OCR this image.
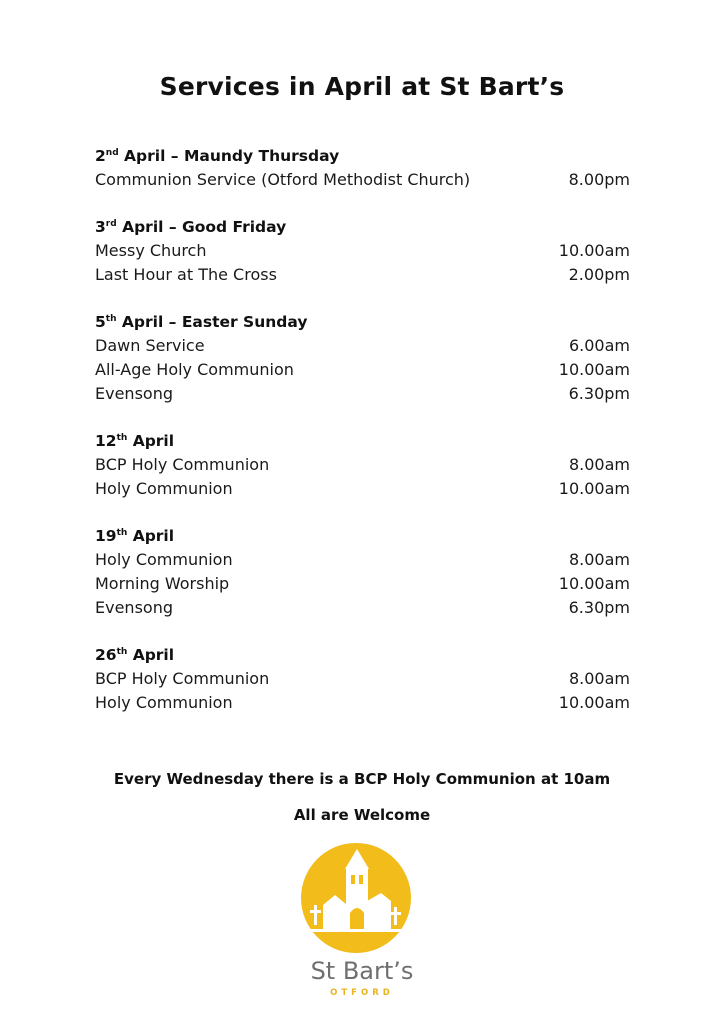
Services in April at St Bart’s
2nd April – Maundy Thursday
Communion Service (Otford Methodist Church)	8.00pm
3rd April – Good Friday
Messy Church	10.00am
Last Hour at The Cross	2.00pm
5th April – Easter Sunday
Dawn Service	6.00am
All-Age Holy Communion	10.00am
Evensong	6.30pm
12th April
BCP Holy Communion	8.00am
Holy Communion	10.00am
19th April
Holy Communion	8.00am
Morning Worship	10.00am
Evensong	6.30pm
26th April
BCP Holy Communion	8.00am
Holy Communion	10.00am
Every Wednesday there is a BCP Holy Communion at 10am
All are Welcome
St Bart’s
OTFORD
